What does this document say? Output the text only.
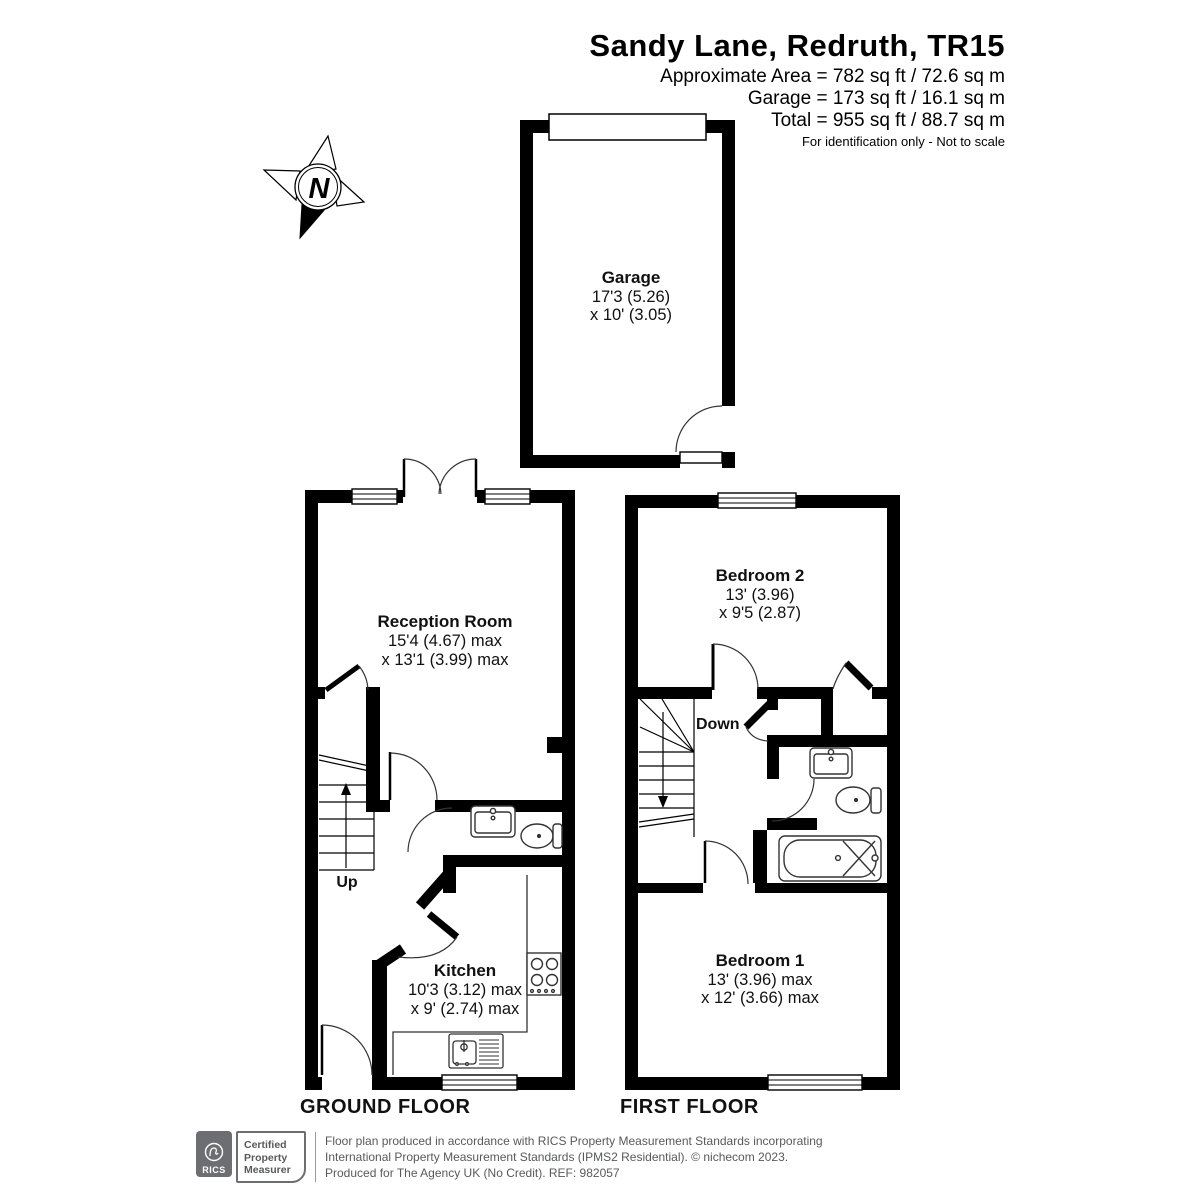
Sandy Lane, Redruth, TR15
Approximate Area = 782 sq ft / 72.6 sq m
Garage = 173 sq ft / 16.1 sq m
Total = 955 sq ft / 88.7 sq m
For identification only - Not to scale
N
Garage
17'3 (5.26)
x 10' (3.05)
Reception Room
15'4 (4.67) max
x 13'1 (3.99) max
Kitchen
10'3 (3.12) max
x 9' (2.74) max
Bedroom 2
13' (3.96)
x 9'5 (2.87)
Bedroom 1
13' (3.96) max
x 12' (3.66) max
Up
Down
GROUND FLOOR	FIRST FLOOR
RICS
Certified
Property
Measurer
Floor plan produced in accordance with RICS Property Measurement Standards incorporating
International Property Measurement Standards (IPMS2 Residential). © nichecom 2023.
Produced for The Agency UK (No Credit). REF: 982057
